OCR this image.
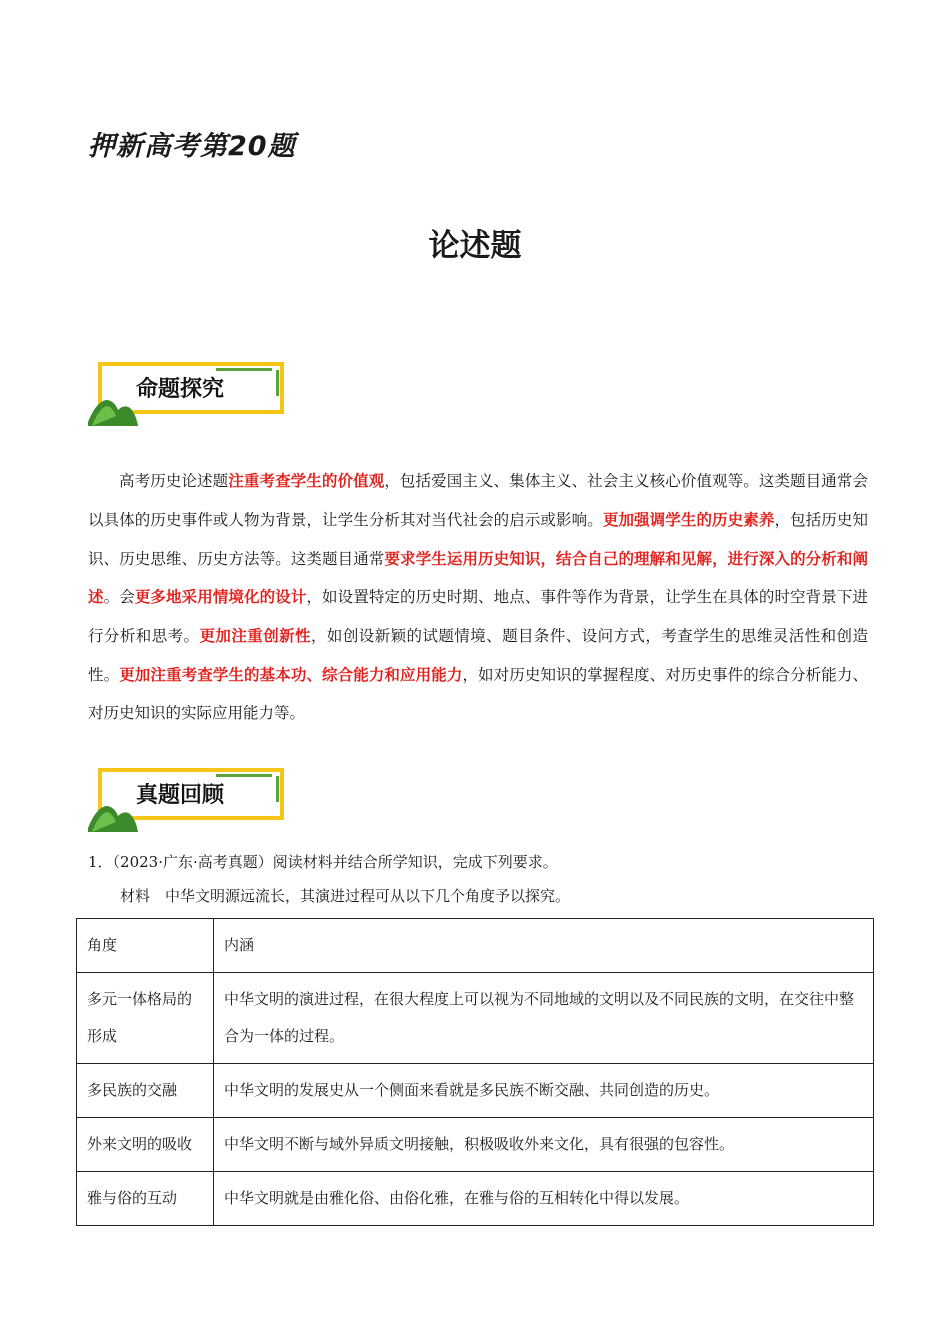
押新高考第20题
论述题
命题探究
高考历史论述题注重考查学生的价值观，包括爱国主义、集体主义、社会主义核心价值观等。这类题目通常会以具体的历史事件或人物为背景，让学生分析其对当代社会的启示或影响。更加强调学生的历史素养，包括历史知识、历史思维、历史方法等。这类题目通常要求学生运用历史知识，结合自己的理解和见解，进行深入的分析和阐述。会更多地采用情境化的设计，如设置特定的历史时期、地点、事件等作为背景，让学生在具体的时空背景下进行分析和思考。更加注重创新性，如创设新颖的试题情境、题目条件、设问方式，考查学生的思维灵活性和创造性。更加注重考查学生的基本功、综合能力和应用能力，如对历史知识的掌握程度、对历史事件的综合分析能力、对历史知识的实际应用能力等。
真题回顾
1．（2023·广东·高考真题）阅读材料并结合所学知识，完成下列要求。
材料　中华文明源远流长，其演进过程可从以下几个角度予以探究。
角度	内涵
多元一体格局的形成	中华文明的演进过程，在很大程度上可以视为不同地域的文明以及不同民族的文明，在交往中整合为一体的过程。
多民族的交融	中华文明的发展史从一个侧面来看就是多民族不断交融、共同创造的历史。
外来文明的吸收	中华文明不断与域外异质文明接触，积极吸收外来文化，具有很强的包容性。
雅与俗的互动	中华文明就是由雅化俗、由俗化雅，在雅与俗的互相转化中得以发展。
